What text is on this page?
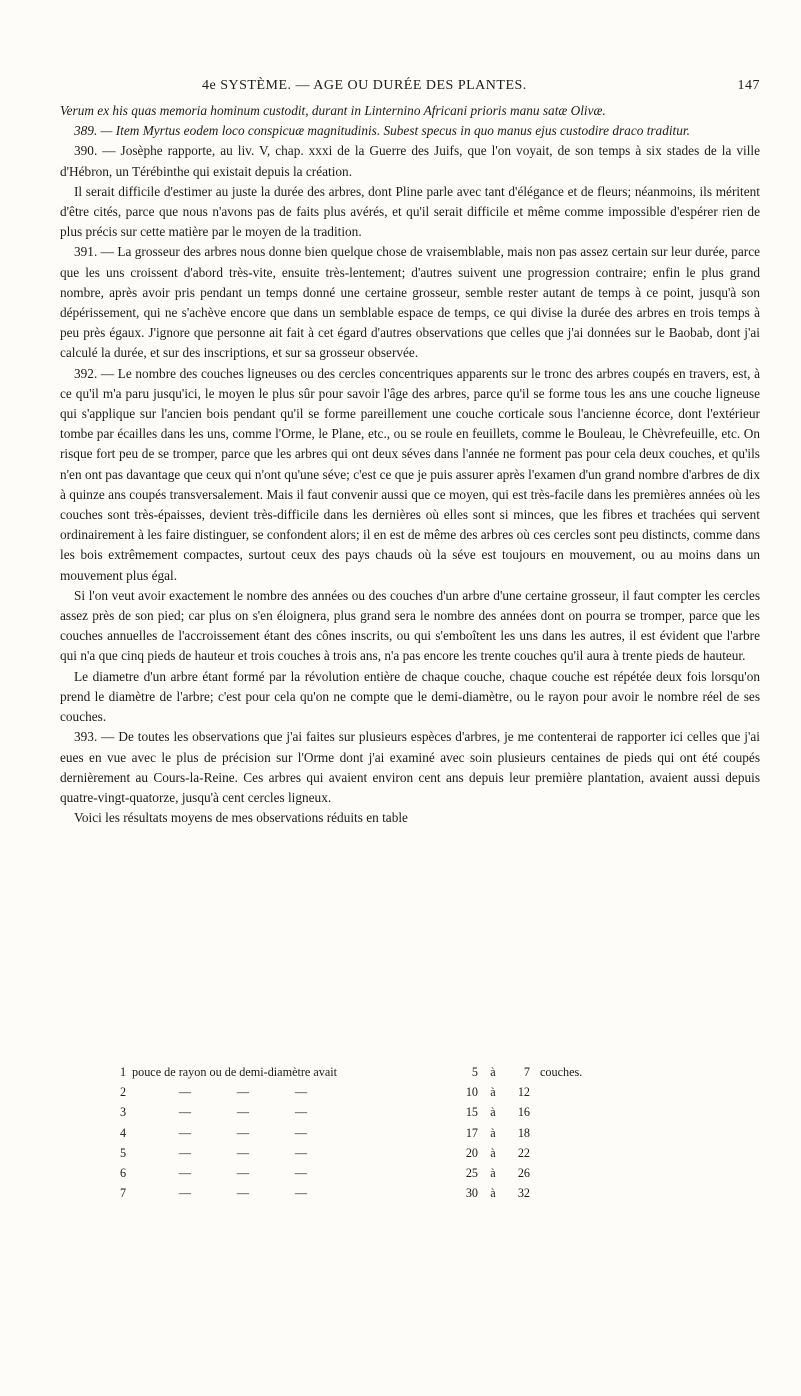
4e SYSTÈME. — AGE OU DURÉE DES PLANTES.	147

Verum ex his quas memoria hominum custodit, durant in Linternino Africani prioris manu satæ Olivæ.

389. — Item Myrtus eodem loco conspicuæ magnitudinis. Subest specus in quo manus ejus custodire draco traditur.

390. — Josèphe rapporte, au liv. V, chap. xxxi de la Guerre des Juifs, que l'on voyait, de son temps à six stades de la ville d'Hébron, un Térébinthe qui existait depuis la création.

Il serait difficile d'estimer au juste la durée des arbres, dont Pline parle avec tant d'élégance et de fleurs; néanmoins, ils méritent d'être cités, parce que nous n'avons pas de faits plus avérés, et qu'il serait difficile et même comme impossible d'espérer rien de plus précis sur cette matière par le moyen de la tradition.

391. — La grosseur des arbres nous donne bien quelque chose de vraisemblable, mais non pas assez certain sur leur durée, parce que les uns croissent d'abord très-vite, ensuite très-lentement; d'autres suivent une progression contraire; enfin le plus grand nombre, après avoir pris pendant un temps donné une certaine grosseur, semble rester autant de temps à ce point, jusqu'à son dépérissement, qui ne s'achève encore que dans un semblable espace de temps, ce qui divise la durée des arbres en trois temps à peu près égaux. J'ignore que personne ait fait à cet égard d'autres observations que celles que j'ai données sur le Baobab, dont j'ai calculé la durée, et sur des inscriptions, et sur sa grosseur observée.

392. — Le nombre des couches ligneuses ou des cercles concentriques apparents sur le tronc des arbres coupés en travers, est, à ce qu'il m'a paru jusqu'ici, le moyen le plus sûr pour savoir l'âge des arbres, parce qu'il se forme tous les ans une couche ligneuse qui s'applique sur l'ancien bois pendant qu'il se forme pareillement une couche corticale sous l'ancienne écorce, dont l'extérieur tombe par écailles dans les uns, comme l'Orme, le Plane, etc., ou se roule en feuillets, comme le Bouleau, le Chèvrefeuille, etc. On risque fort peu de se tromper, parce que les arbres qui ont deux séves dans l'année ne forment pas pour cela deux couches, et qu'ils n'en ont pas davantage que ceux qui n'ont qu'une séve; c'est ce que je puis assurer après l'examen d'un grand nombre d'arbres de dix à quinze ans coupés transversalement. Mais il faut convenir aussi que ce moyen, qui est très-facile dans les premières années où les couches sont très-épaisses, devient très-difficile dans les dernières où elles sont si minces, que les fibres et trachées qui servent ordinairement à les faire distinguer, se confondent alors; il en est de même des arbres où ces cercles sont peu distincts, comme dans les bois extrêmement compactes, surtout ceux des pays chauds où la séve est toujours en mouvement, ou au moins dans un mouvement plus égal.

Si l'on veut avoir exactement le nombre des années ou des couches d'un arbre d'une certaine grosseur, il faut compter les cercles assez près de son pied; car plus on s'en éloignera, plus grand sera le nombre des années dont on pourra se tromper, parce que les couches annuelles de l'accroissement étant des cônes inscrits, ou qui s'emboîtent les uns dans les autres, il est évident que l'arbre qui n'a que cinq pieds de hauteur et trois couches à trois ans, n'a pas encore les trente couches qu'il aura à trente pieds de hauteur.

Le diametre d'un arbre étant formé par la révolution entière de chaque couche, chaque couche est répétée deux fois lorsqu'on prend le diamètre de l'arbre; c'est pour cela qu'on ne compte que le demi-diamètre, ou le rayon pour avoir le nombre réel de ses couches.

393. — De toutes les observations que j'ai faites sur plusieurs espèces d'arbres, je me contenterai de rapporter ici celles que j'ai eues en vue avec le plus de précision sur l'Orme dont j'ai examiné avec soin plusieurs centaines de pieds qui ont été coupés dernièrement au Cours-la-Reine. Ces arbres qui avaient environ cent ans depuis leur première plantation, avaient aussi depuis quatre-vingt-quatorze, jusqu'à cent cercles ligneux.

Voici les résultats moyens de mes observations réduits en table

1	pouce de rayon ou de demi-diamètre avait	5	à	7	couches.
2	— — —	10	à	12	
3	— — —	15	à	16	
4	— — —	17	à	18	
5	— — —	20	à	22	
6	— — —	25	à	26	
7	— — —	30	à	32	
